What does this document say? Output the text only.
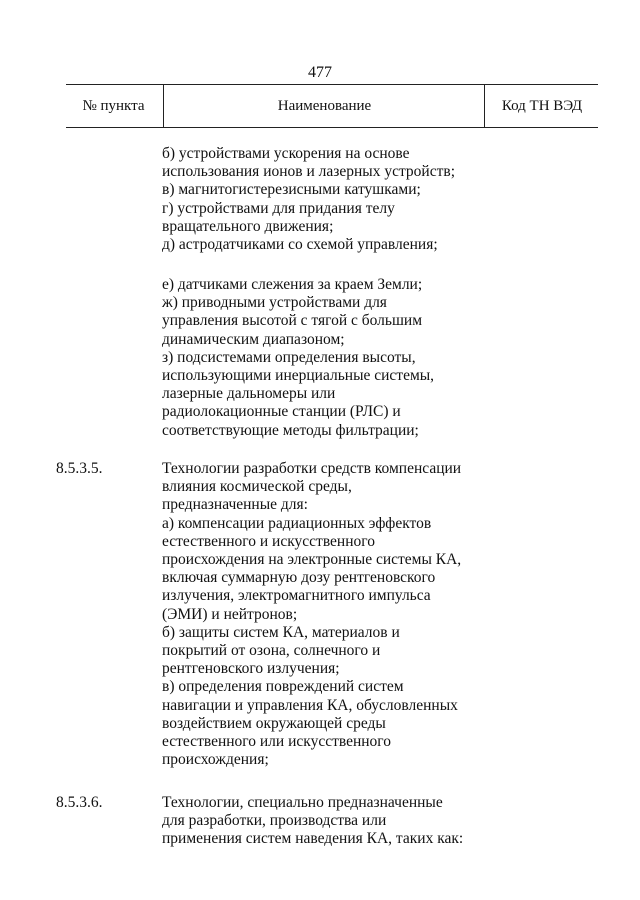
477
№ пункта	Наименование	Код ТН ВЭД
б) устройствами ускорения на основе
использования ионов и лазерных устройств;
в) магнитогистерезисными катушками;
г) устройствами для придания телу
вращательного движения;
д) астродатчиками со схемой управления;
е) датчиками слежения за краем Земли;
ж) приводными устройствами для
управления высотой с тягой с большим
динамическим диапазоном;
з) подсистемами определения высоты,
использующими инерциальные системы,
лазерные дальномеры или
радиолокационные станции (РЛС) и
соответствующие методы фильтрации;
8.5.3.5.	Технологии разработки средств компенсации
влияния космической среды,
предназначенные для:
а) компенсации радиационных эффектов
естественного и искусственного
происхождения на электронные системы КА,
включая суммарную дозу рентгеновского
излучения, электромагнитного импульса
(ЭМИ) и нейтронов;
б) защиты систем КА, материалов и
покрытий от озона, солнечного и
рентгеновского излучения;
в) определения повреждений систем
навигации и управления КА, обусловленных
воздействием окружающей среды
естественного или искусственного
происхождения;
8.5.3.6.	Технологии, специально предназначенные
для разработки, производства или
применения систем наведения КА, таких как:
